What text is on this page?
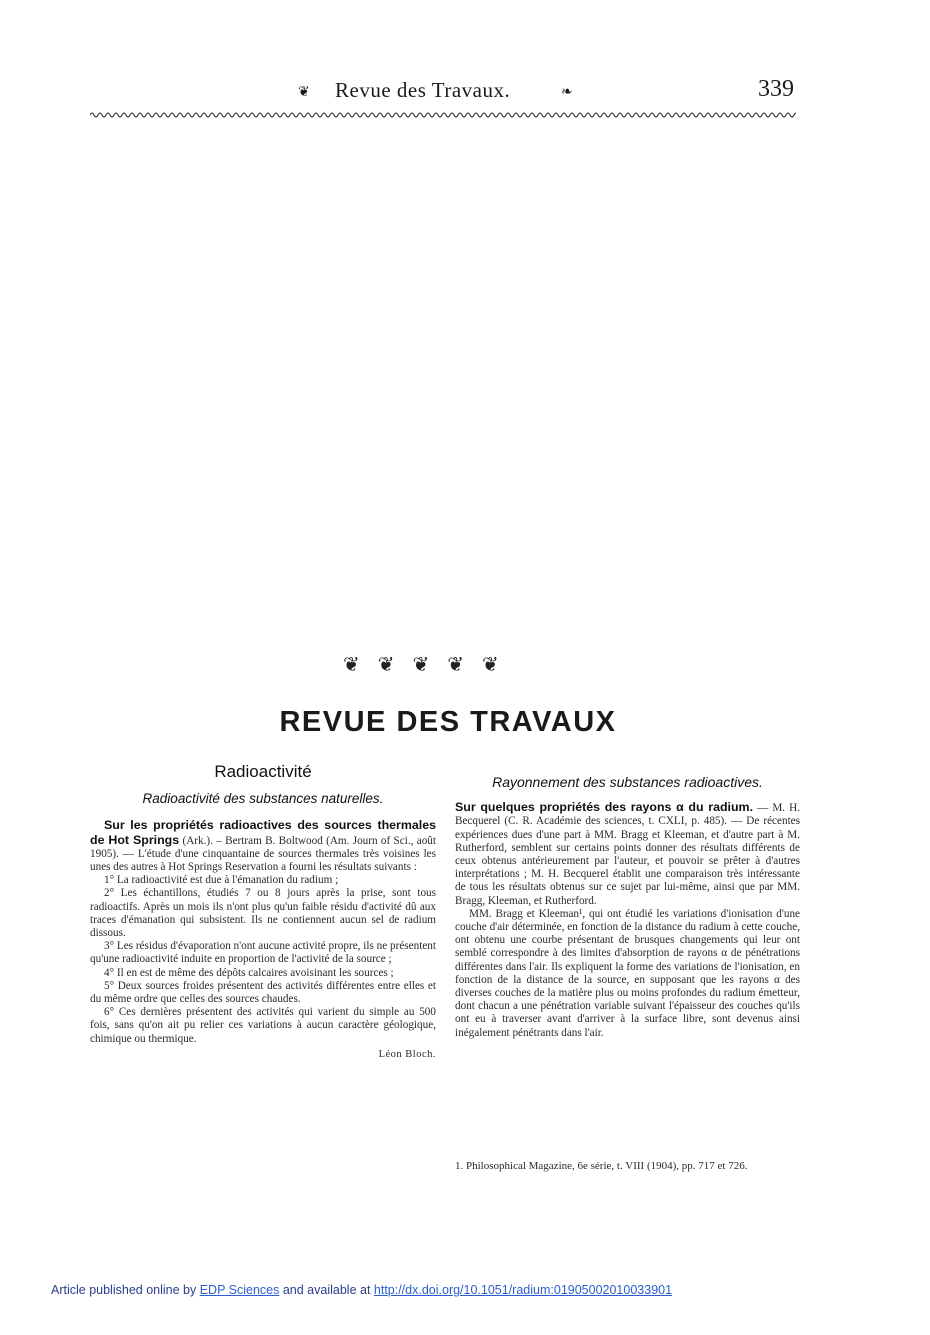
❦ Revue des Travaux.	❧	339
❦❦❦❦❦
REVUE DES TRAVAUX
Radioactivité
Radioactivité des substances naturelles.

Sur les propriétés radioactives des sources thermales de Hot Springs (Ark.). – Bertram B. Boltwood (Am. Journ of Sci., août 1905). — L'étude d'une cinquantaine de sources thermales très voisines les unes des autres à Hot Springs Reservation a fourni les résultats suivants :

1° La radioactivité est due à l'émanation du radium ;

2° Les échantillons, étudiés 7 ou 8 jours après la prise, sont tous radioactifs. Après un mois ils n'ont plus qu'un faible résidu d'activité dû aux traces d'émanation qui subsistent. Ils ne contiennent aucun sel de radium dissous.

3° Les résidus d'évaporation n'ont aucune activité propre, ils ne présentent qu'une radioactivité induite en proportion de l'activité de la source ;

4° Il en est de même des dépôts calcaires avoisinant les sources ;

5° Deux sources froides présentent des activités différentes entre elles et du même ordre que celles des sources chaudes.

6° Ces dernières présentent des activités qui varient du simple au 500 fois, sans qu'on ait pu relier ces variations à aucun caractère géologique, chimique ou thermique.

Léon Bloch.
Rayonnement des substances radioactives.

Sur quelques propriétés des rayons α du radium. — M. H. Becquerel (C. R. Académie des sciences, t. CXLI, p. 485). — De récentes expériences dues d'une part à MM. Bragg et Kleeman, et d'autre part à M. Rutherford, semblent sur certains points donner des résultats différents de ceux obtenus antérieurement par l'auteur, et pouvoir se prêter à d'autres interprétations ; M. H. Becquerel établit une comparaison très intéressante de tous les résultats obtenus sur ce sujet par lui-même, ainsi que par MM. Bragg, Kleeman, et Rutherford.

MM. Bragg et Kleeman¹, qui ont étudié les variations d'ionisation d'une couche d'air déterminée, en fonction de la distance du radium à cette couche, ont obtenu une courbe présentant de brusques changements qui leur ont semblé correspondre à des limites d'absorption de rayons α de pénétrations différentes dans l'air. Ils expliquent la forme des variations de l'ionisation, en fonction de la distance de la source, en supposant que les rayons α des diverses couches de la matière plus ou moins profondes du radium émetteur, dont chacun a une pénétration variable suivant l'épaisseur des couches qu'ils ont eu à traverser avant d'arriver à la surface libre, sont devenus ainsi inégalement pénétrants dans l'air.

1. Philosophical Magazine, 6e série, t. VIII (1904), pp. 717 et 726.
Article published online by EDP Sciences and available at http://dx.doi.org/10.1051/radium:01905002010033901
